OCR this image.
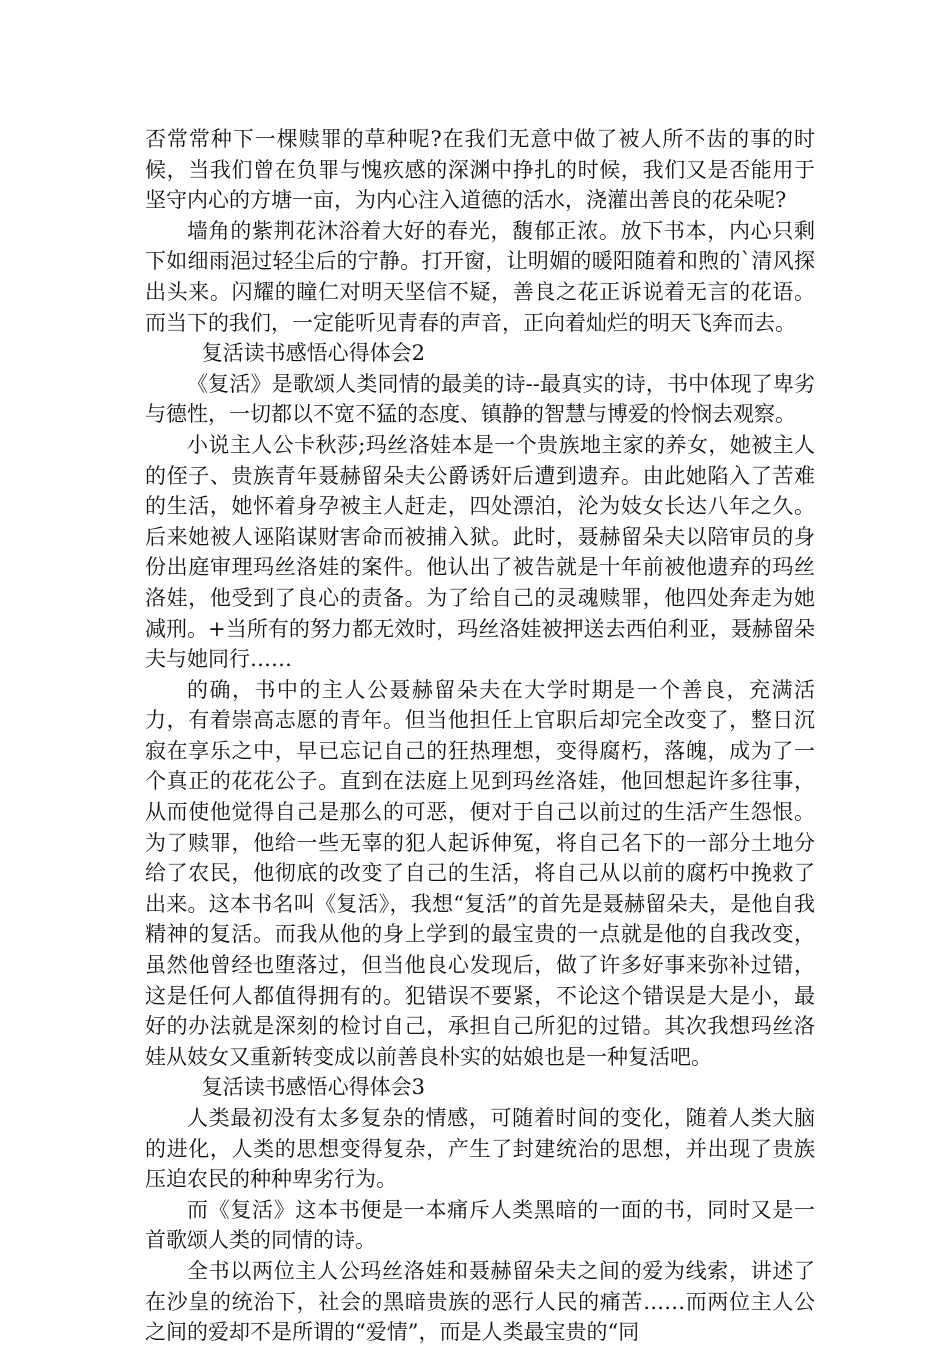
否常常种下一棵赎罪的草种呢?在我们无意中做了被人所不齿的事的时候，当我们曾在负罪与愧疚感的深渊中挣扎的时候，我们又是否能用于坚守内心的方塘一亩，为内心注入道德的活水，浇灌出善良的花朵呢?

墙角的紫荆花沐浴着大好的春光，馥郁正浓。放下书本，内心只剩下如细雨浥过轻尘后的宁静。打开窗，让明媚的暖阳随着和煦的`清风探出头来。闪耀的瞳仁对明天坚信不疑，善良之花正诉说着无言的花语。而当下的我们，一定能听见青春的声音，正向着灿烂的明天飞奔而去。

复活读书感悟心得体会2

《复活》是歌颂人类同情的最美的诗--最真实的诗，书中体现了卑劣与德性，一切都以不宽不猛的态度、镇静的智慧与博爱的怜悯去观察。

小说主人公卡秋莎;玛丝洛娃本是一个贵族地主家的养女，她被主人的侄子、贵族青年聂赫留朵夫公爵诱奸后遭到遗弃。由此她陷入了苦难的生活，她怀着身孕被主人赶走，四处漂泊，沦为妓女长达八年之久。后来她被人诬陷谋财害命而被捕入狱。此时，聂赫留朵夫以陪审员的身份出庭审理玛丝洛娃的案件。他认出了被告就是十年前被他遗弃的玛丝洛娃，他受到了良心的责备。为了给自己的灵魂赎罪，他四处奔走为她减刑。+当所有的努力都无效时，玛丝洛娃被押送去西伯利亚，聂赫留朵夫与她同行……

的确，书中的主人公聂赫留朵夫在大学时期是一个善良，充满活力，有着崇高志愿的青年。但当他担任上官职后却完全改变了，整日沉寂在享乐之中，早已忘记自己的狂热理想，变得腐朽，落魄，成为了一个真正的花花公子。直到在法庭上见到玛丝洛娃，他回想起许多往事，从而使他觉得自己是那么的可恶，便对于自己以前过的生活产生怨恨。为了赎罪，他给一些无辜的犯人起诉伸冤，将自己名下的一部分土地分给了农民，他彻底的改变了自己的生活，将自己从以前的腐朽中挽救了出来。这本书名叫《复活》，我想“复活”的首先是聂赫留朵夫，是他自我精神的复活。而我从他的身上学到的最宝贵的一点就是他的自我改变，虽然他曾经也堕落过，但当他良心发现后，做了许多好事来弥补过错，这是任何人都值得拥有的。犯错误不要紧，不论这个错误是大是小，最好的办法就是深刻的检讨自己，承担自己所犯的过错。其次我想玛丝洛娃从妓女又重新转变成以前善良朴实的姑娘也是一种复活吧。

复活读书感悟心得体会3

人类最初没有太多复杂的情感，可随着时间的变化，随着人类大脑的进化，人类的思想变得复杂，产生了封建统治的思想，并出现了贵族压迫农民的种种卑劣行为。

而《复活》这本书便是一本痛斥人类黑暗的一面的书，同时又是一首歌颂人类的同情的诗。

全书以两位主人公玛丝洛娃和聂赫留朵夫之间的爱为线索，讲述了在沙皇的统治下，社会的黑暗贵族的恶行人民的痛苦……而两位主人公之间的爱却不是所谓的“爱情”，而是人类最宝贵的“同
